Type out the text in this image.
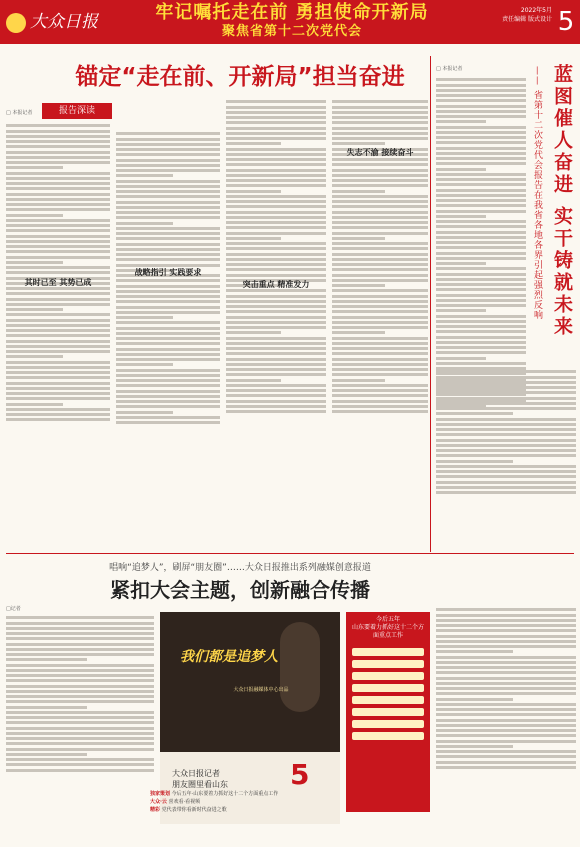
大众日报	牢记嘱托走在前 勇担使命开新局
聚焦省第十二次党代会
2022年5月
责任编辑 版式设计 5
锚定“走在前、开新局”担当奋进
报告深读
□ 本报记者
其时已至 其势已成
战略指引 实践要求
突击重点 精准发力
失志不渝 接续奋斗	蓝图催人奋进 实干铸就未来
—— 省第十二次党代会报告在我省各地各界引起强烈反响
□ 本报记者
唱响“追梦人”，刷屏“朋友圈”……大众日报推出系列融媒创意报道
紧扣大会主题，创新融合传播
□记者
我们都是追梦人
大众日报融媒体中心出品
大众日报记者
朋友圈里看山东 5
今后五年
山东要着力抓好这十二个方面重点工作
独家策划 今后五年·山东要着力抓好这十二个方面重点工作
大众·云 喜欢看·看视频
精彩 党代表带你看新时代奋进之歌
